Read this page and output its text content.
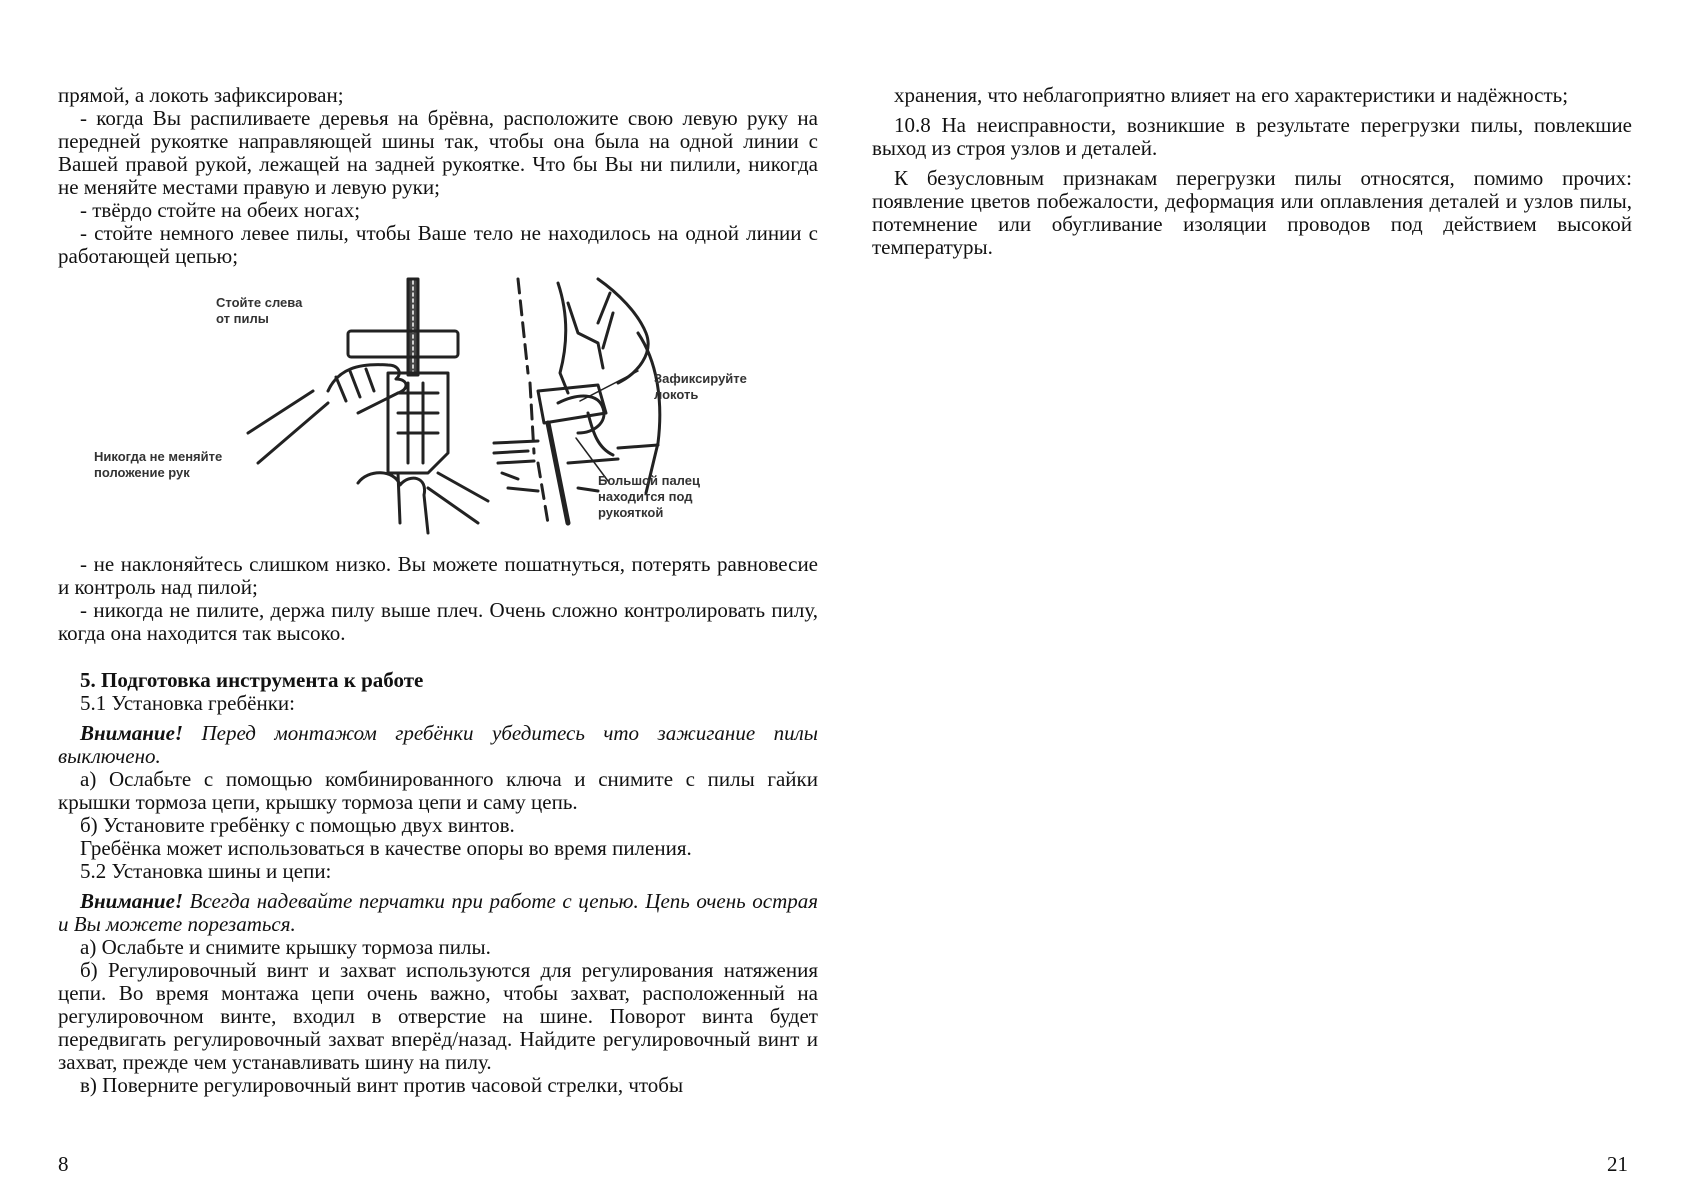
прямой, а локоть зафиксирован;

- когда Вы распиливаете деревья на брёвна, расположите свою левую руку на передней рукоятке направляющей шины так, чтобы она была на одной линии с Вашей правой рукой, лежащей на задней рукоятке. Что бы Вы ни пилили, никогда не меняйте местами правую и левую руки;

- твёрдо стойте на обеих ногах;

- стойте немного левее пилы, чтобы Ваше тело не находилось на одной линии с работающей цепью;

Стойте слева
от пилы
Никогда не меняйте
положение рук
Зафиксируйте
локоть
Большой палец
находится под
рукояткой

- не наклоняйтесь слишком низко. Вы можете пошатнуться, потерять равновесие и контроль над пилой;

- никогда не пилите, держа пилу выше плеч. Очень сложно контролировать пилу, когда она находится так высоко.

5. Подготовка инструмента к работе

5.1 Установка гребёнки:

Внимание! Перед монтажом гребёнки убедитесь что зажигание пилы выключено.

а) Ослабьте с помощью комбинированного ключа и снимите с пилы гайки крышки тормоза цепи, крышку тормоза цепи и саму цепь.

б) Установите гребёнку с помощью двух винтов.

Гребёнка может использоваться в качестве опоры во время пиления.

5.2 Установка шины и цепи:

Внимание! Всегда надевайте перчатки при работе с цепью. Цепь очень острая и Вы можете порезаться.

а) Ослабьте и снимите крышку тормоза пилы.

б) Регулировочный винт и захват используются для регулирования натяжения цепи. Во время монтажа цепи очень важно, чтобы захват, расположенный на регулировочном винте, входил в отверстие на шине. Поворот винта будет передвигать регулировочный захват вперёд/назад. Найдите регулировочный винт и захват, прежде чем устанавливать шину на пилу.

в) Поверните регулировочный винт против часовой стрелки, чтобы

8

хранения, что неблагоприятно влияет на его характеристики и надёжность;

10.8 На неисправности, возникшие в результате перегрузки пилы, повлекшие выход из строя узлов и деталей.

К безусловным признакам перегрузки пилы относятся, помимо прочих: появление цветов побежалости, деформация или оплавления деталей и узлов пилы, потемнение или обугливание изоляции проводов под действием высокой температуры.

21
